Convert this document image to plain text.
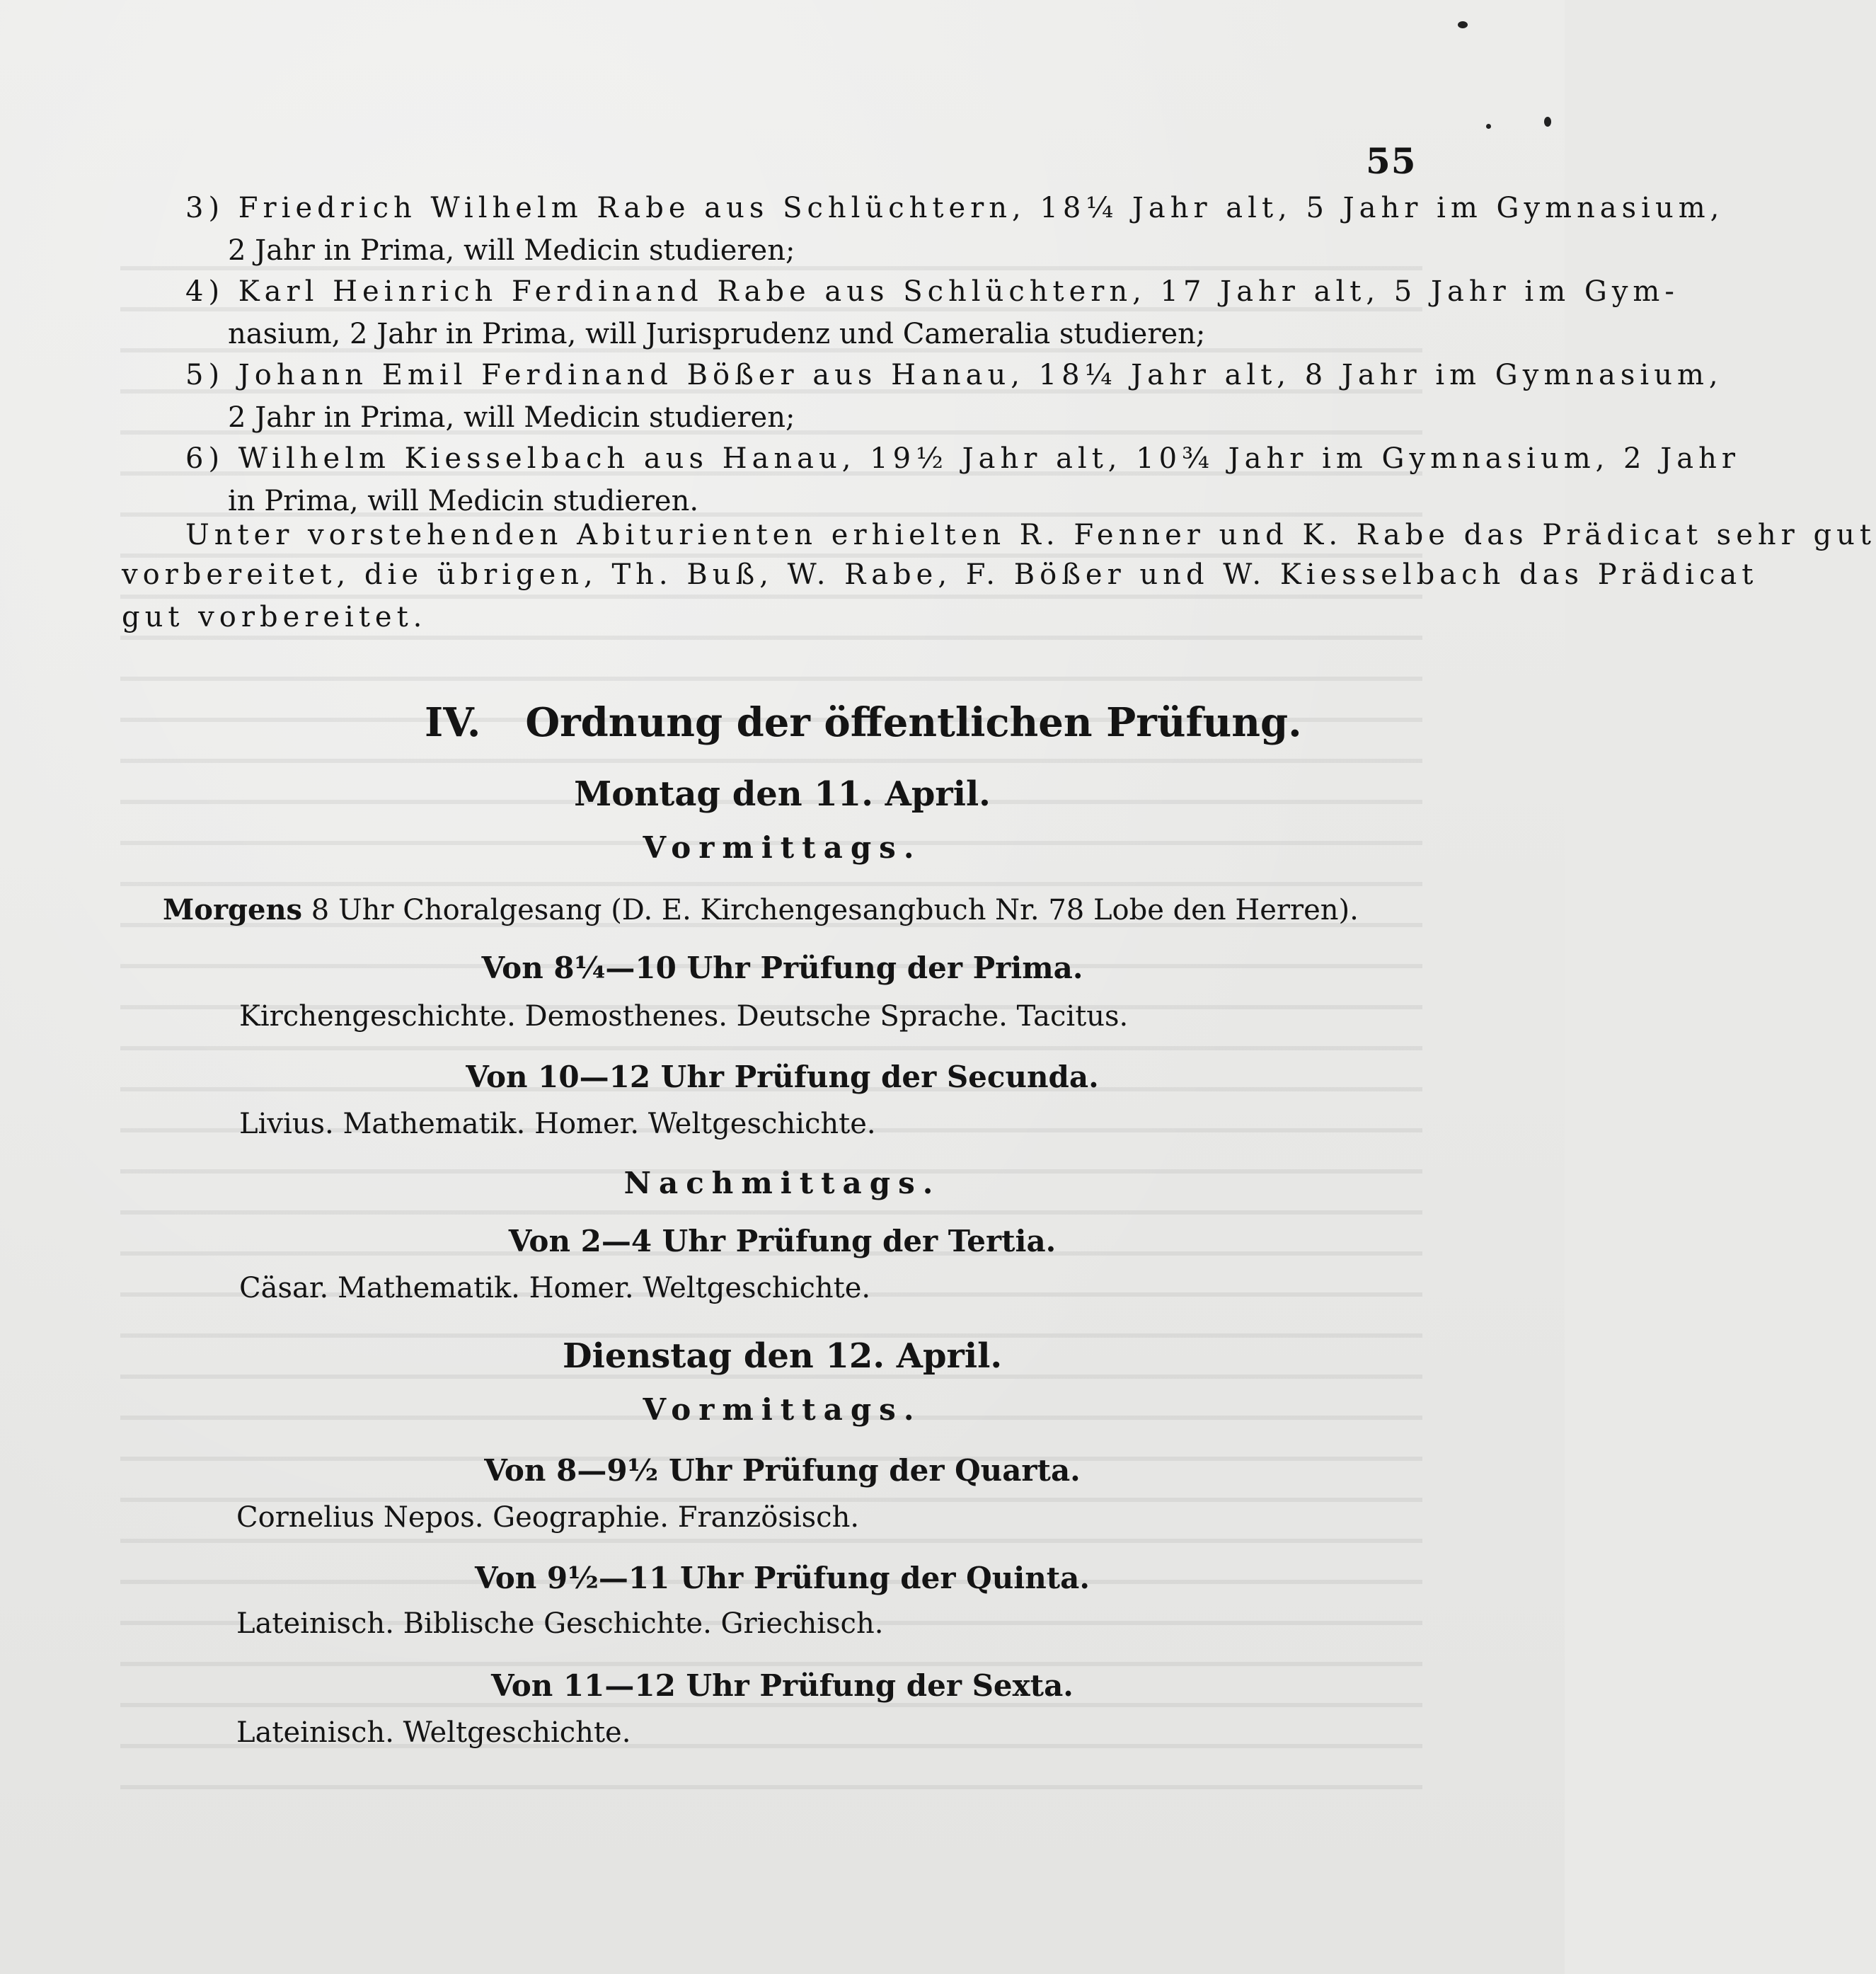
55
3) Friedrich Wilhelm Rabe aus Schlüchtern, 18¼ Jahr alt, 5 Jahr im Gymnasium,
2 Jahr in Prima, will Medicin studieren;
4) Karl Heinrich Ferdinand Rabe aus Schlüchtern, 17 Jahr alt, 5 Jahr im Gym-
nasium, 2 Jahr in Prima, will Jurisprudenz und Cameralia studieren;
5) Johann Emil Ferdinand Bößer aus Hanau, 18¼ Jahr alt, 8 Jahr im Gymnasium,
2 Jahr in Prima, will Medicin studieren;
6) Wilhelm Kiesselbach aus Hanau, 19½ Jahr alt, 10¾ Jahr im Gymnasium, 2 Jahr
in Prima, will Medicin studieren.
Unter vorstehenden Abiturienten erhielten R. Fenner und K. Rabe das Prädicat sehr gut
vorbereitet, die übrigen, Th. Buß, W. Rabe, F. Bößer und W. Kiesselbach das Prädicat
gut vorbereitet.
IV. Ordnung der öffentlichen Prüfung.
Montag den 11. April.
Vormittags.
Morgens 8 Uhr Choralgesang (D. E. Kirchengesangbuch Nr. 78 Lobe den Herren).
Von 8¼—10 Uhr Prüfung der Prima.
Kirchengeschichte. Demosthenes. Deutsche Sprache. Tacitus.
Von 10—12 Uhr Prüfung der Secunda.
Livius. Mathematik. Homer. Weltgeschichte.
Nachmittags.
Von 2—4 Uhr Prüfung der Tertia.
Cäsar. Mathematik. Homer. Weltgeschichte.
Dienstag den 12. April.
Vormittags.
Von 8—9½ Uhr Prüfung der Quarta.
Cornelius Nepos. Geographie. Französisch.
Von 9½—11 Uhr Prüfung der Quinta.
Lateinisch. Biblische Geschichte. Griechisch.
Von 11—12 Uhr Prüfung der Sexta.
Lateinisch. Weltgeschichte.
